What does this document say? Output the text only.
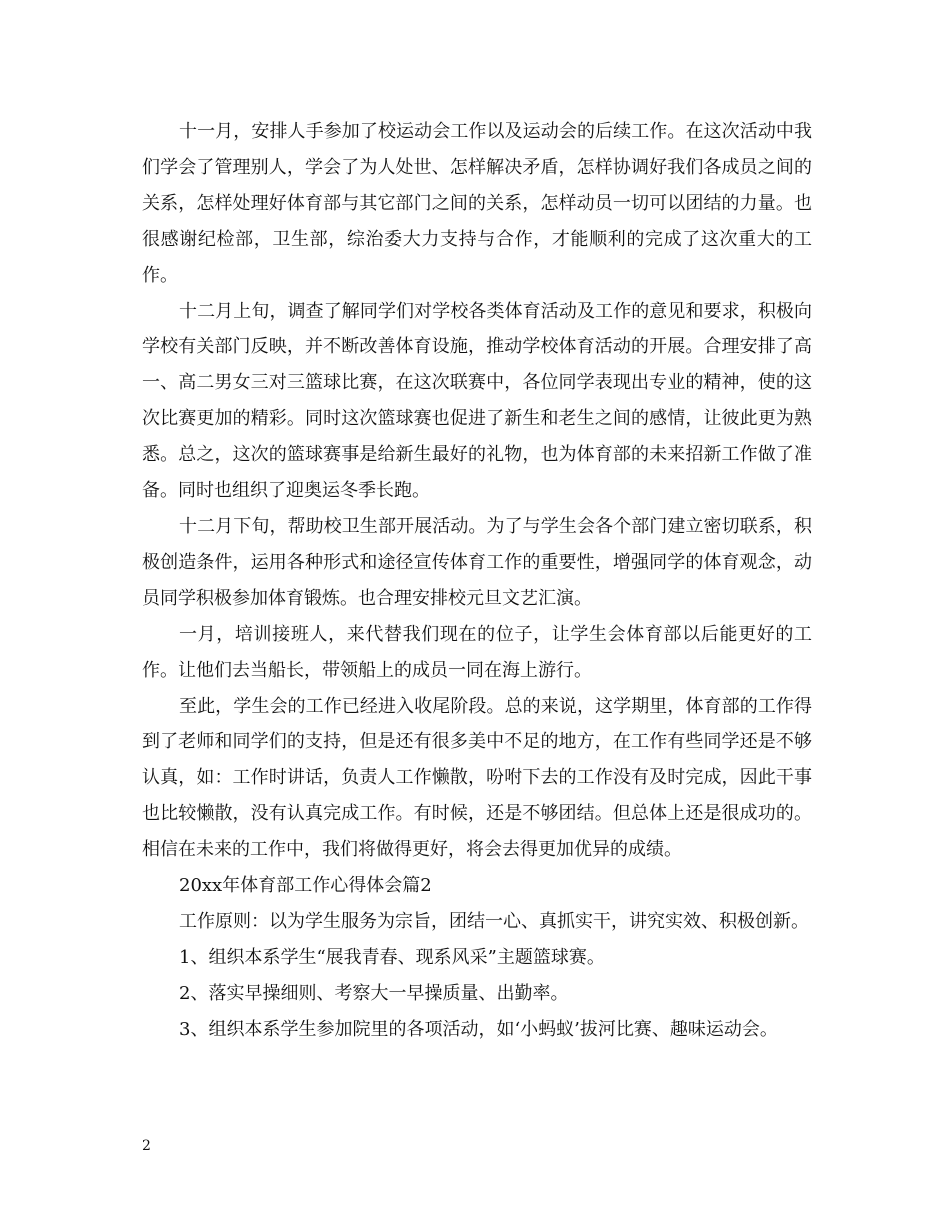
十一月，安排人手参加了校运动会工作以及运动会的后续工作。在这次活动中我们学会了管理别人，学会了为人处世、怎样解决矛盾，怎样协调好我们各成员之间的关系，怎样处理好体育部与其它部门之间的关系，怎样动员一切可以团结的力量。也很感谢纪检部，卫生部，综治委大力支持与合作，才能顺利的完成了这次重大的工作。

十二月上旬，调查了解同学们对学校各类体育活动及工作的意见和要求，积极向学校有关部门反映，并不断改善体育设施，推动学校体育活动的开展。合理安排了高一、高二男女三对三篮球比赛，在这次联赛中，各位同学表现出专业的精神，使的这次比赛更加的精彩。同时这次篮球赛也促进了新生和老生之间的感情，让彼此更为熟悉。总之，这次的篮球赛事是给新生最好的礼物，也为体育部的未来招新工作做了准备。同时也组织了迎奥运冬季长跑。

十二月下旬，帮助校卫生部开展活动。为了与学生会各个部门建立密切联系，积极创造条件，运用各种形式和途径宣传体育工作的重要性，增强同学的体育观念，动员同学积极参加体育锻炼。也合理安排校元旦文艺汇演。

一月，培训接班人，来代替我们现在的位子，让学生会体育部以后能更好的工作。让他们去当船长，带领船上的成员一同在海上游行。

至此，学生会的工作已经进入收尾阶段。总的来说，这学期里，体育部的工作得到了老师和同学们的支持，但是还有很多美中不足的地方，在工作有些同学还是不够认真，如：工作时讲话，负责人工作懒散，吩咐下去的工作没有及时完成，因此干事也比较懒散，没有认真完成工作。有时候，还是不够团结。但总体上还是很成功的。相信在未来的工作中，我们将做得更好，将会去得更加优异的成绩。

20xx年体育部工作心得体会篇2

工作原则：以为学生服务为宗旨，团结一心、真抓实干，讲究实效、积极创新。

1、组织本系学生“展我青春、现系风采”主题篮球赛。

2、落实早操细则、考察大一早操质量、出勤率。

3、组织本系学生参加院里的各项活动，如‘小蚂蚁’拔河比赛、趣味运动会。

2
